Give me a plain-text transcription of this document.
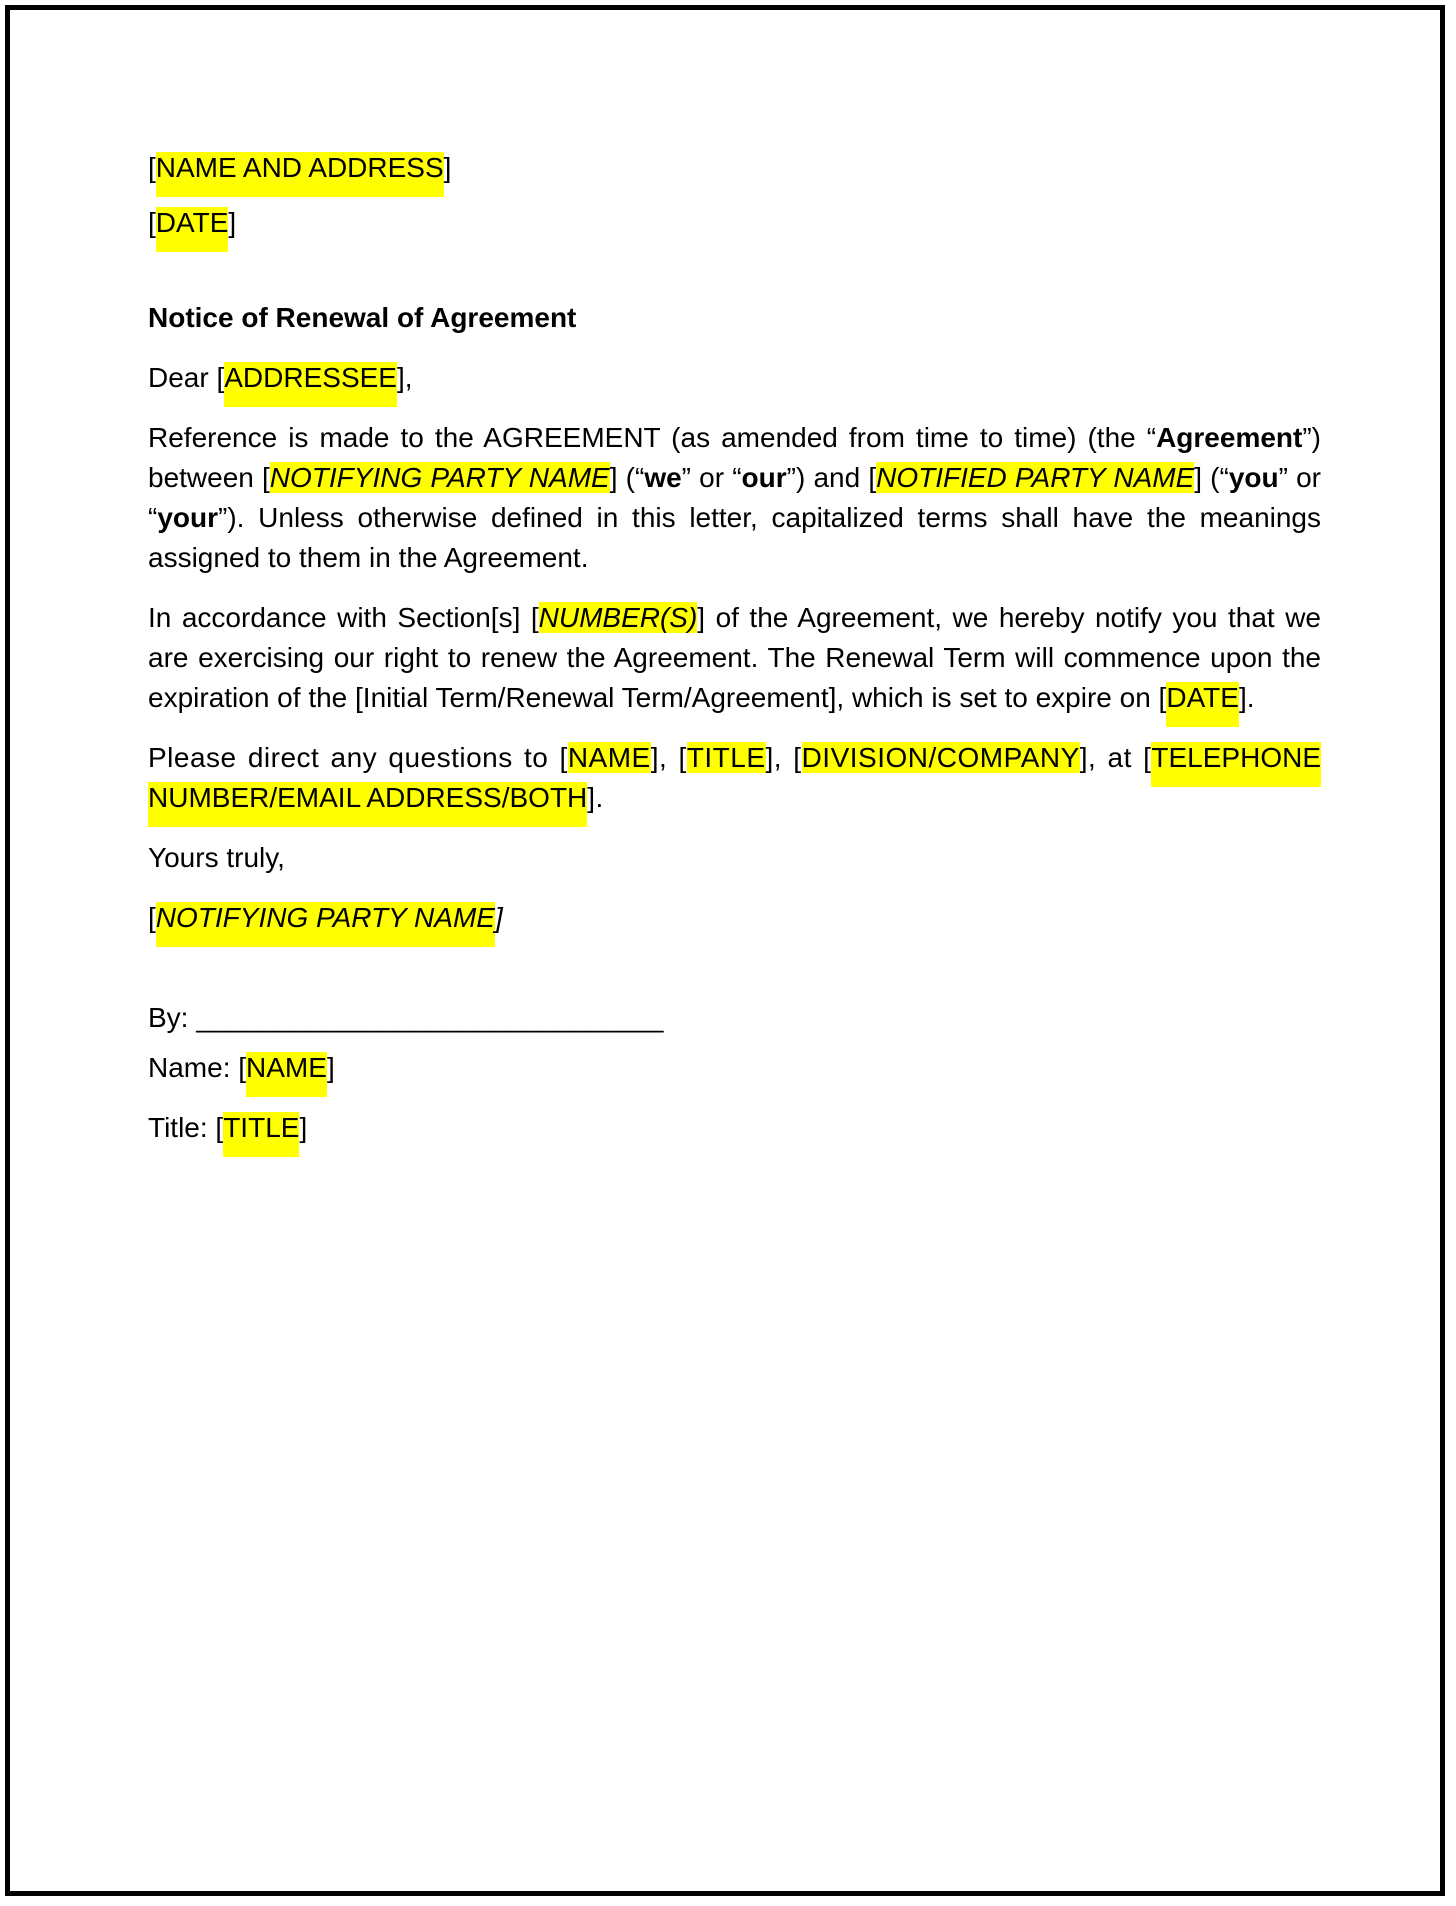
[NAME AND ADDRESS]

[DATE]

Notice of Renewal of Agreement

Dear [ADDRESSEE],

Reference is made to the AGREEMENT (as amended from time to time) (the “Agreement”) between [NOTIFYING PARTY NAME] (“we” or “our”) and [NOTIFIED PARTY NAME] (“you” or “your”). Unless otherwise defined in this letter, capitalized terms shall have the meanings assigned to them in the Agreement.

In accordance with Section[s] [NUMBER(S)] of the Agreement, we hereby notify you that we are exercising our right to renew the Agreement. The Renewal Term will commence upon the expiration of the [Initial Term/Renewal Term/Agreement], which is set to expire on [DATE].

Please direct any questions to [NAME], [TITLE], [DIVISION/COMPANY], at [TELEPHONE NUMBER/EMAIL ADDRESS/BOTH].

Yours truly,

[NOTIFYING PARTY NAME]

By: ______________________________

Name: [NAME]

Title: [TITLE]
